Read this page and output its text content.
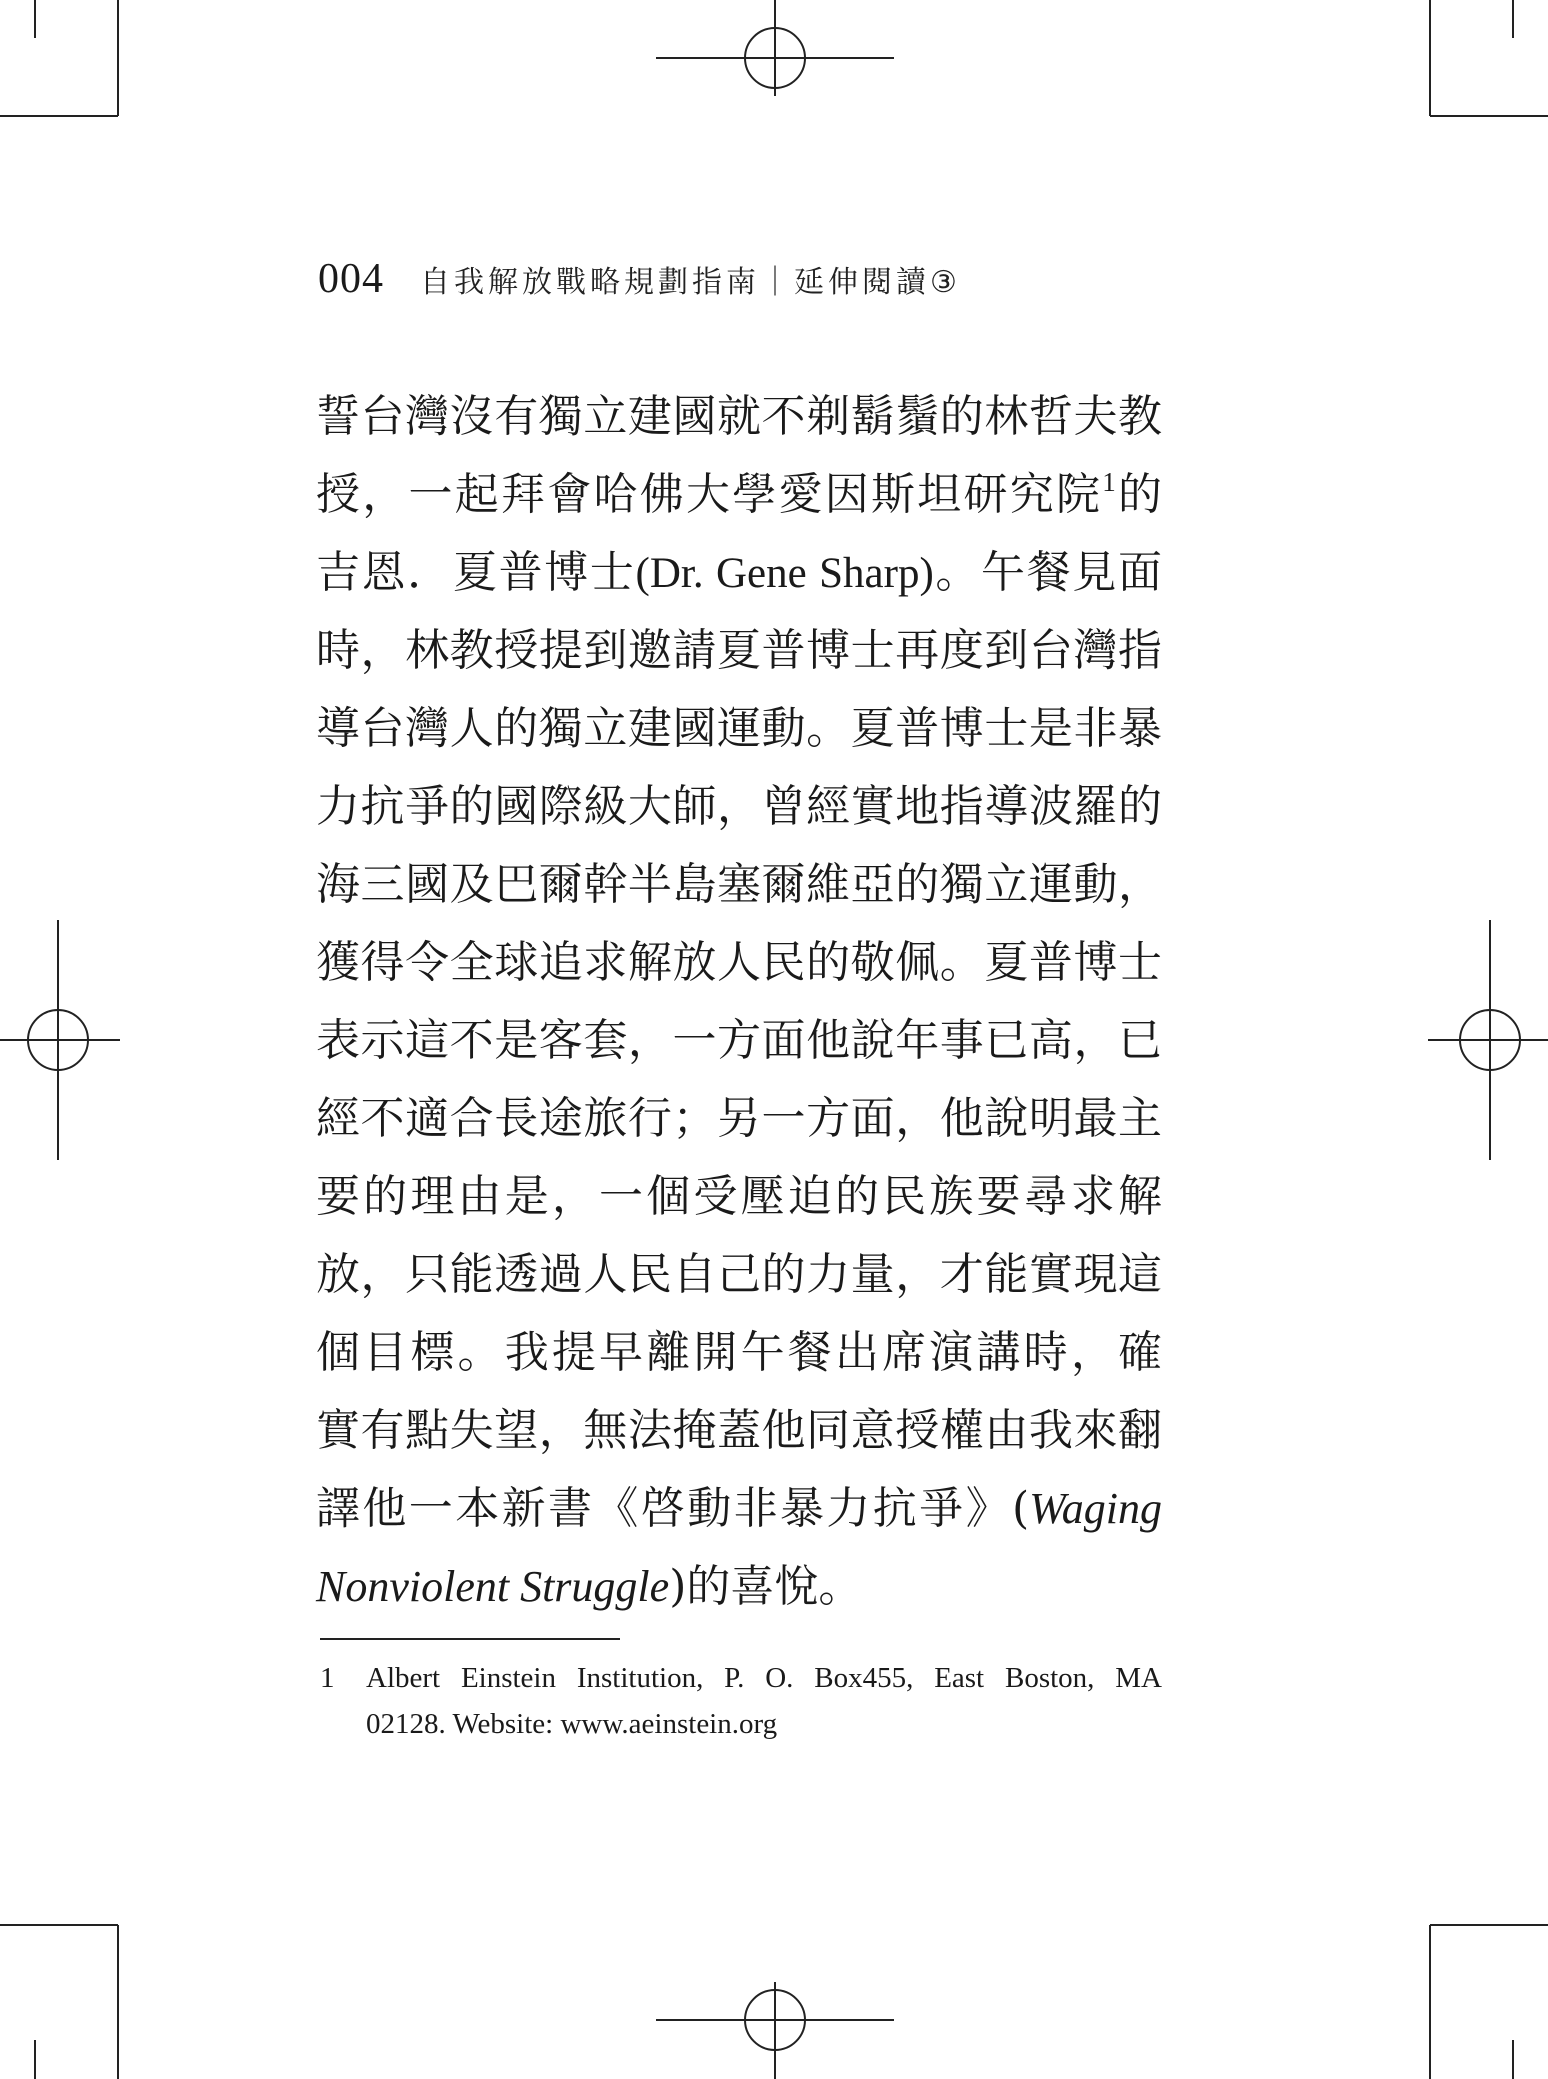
004 自我解放戰略規劃指南｜延伸閱讀③
誓台灣沒有獨立建國就不剃鬍鬚的林哲夫教
授，一起拜會哈佛大學愛因斯坦研究院$^1$的
吉恩．夏普博士(Dr. Gene Sharp)。午餐見面
時，林教授提到邀請夏普博士再度到台灣指
導台灣人的獨立建國運動。夏普博士是非暴
力抗爭的國際級大師，曾經實地指導波羅的
海三國及巴爾幹半島塞爾維亞的獨立運動，
獲得令全球追求解放人民的敬佩。夏普博士
表示這不是客套，一方面他說年事已高，已
經不適合長途旅行；另一方面，他說明最主
要的理由是，一個受壓迫的民族要尋求解
放，只能透過人民自己的力量，才能實現這
個目標。我提早離開午餐出席演講時，確
實有點失望，無法掩蓋他同意授權由我來翻
譯他一本新書《啓動非暴力抗爭》(Waging
Nonviolent Struggle)的喜悅。
1 Albert Einstein Institution, P. O. Box455, East Boston, MA
02128. Website: www.aeinstein.org
